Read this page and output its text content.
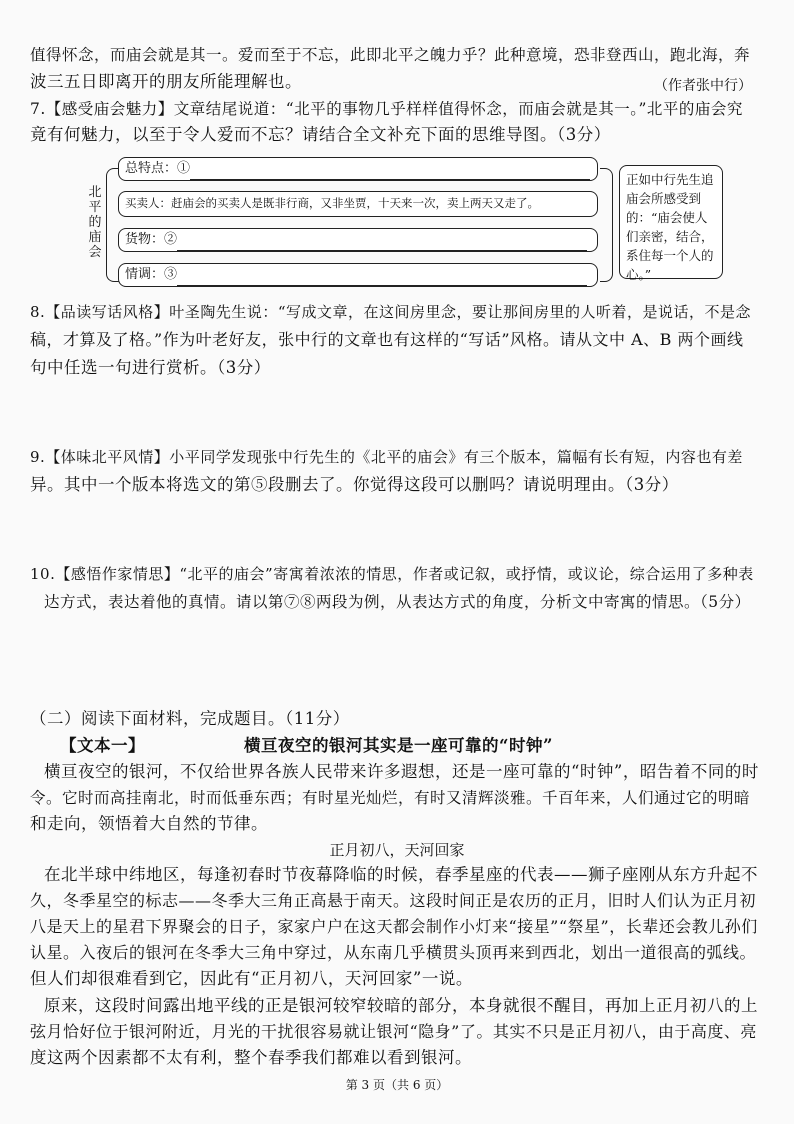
值得怀念，而庙会就是其一。爱而至于不忘，此即北平之魄力乎？此种意境，恐非登西山，跑北海，奔
波三五日即离开的朋友所能理解也。	（作者张中行）
7.【感受庙会魅力】文章结尾说道：“北平的事物几乎样样值得怀念，而庙会就是其一。”北平的庙会究
竟有何魅力，以至于令人爱而不忘？请结合全文补充下面的思维导图。（3分）
北平的庙会
总特点：①
买卖人：赶庙会的买卖人是既非行商，又非坐贾，十天来一次，卖上两天又走了。
货物：②
情调：③
正如中行先生追庙会所感受到的：“庙会使人们亲密，结合，系住每一个人的心。”
8.【品读写话风格】叶圣陶先生说：“写成文章，在这间房里念，要让那间房里的人听着，是说话，不是念
稿，才算及了格。”作为叶老好友，张中行的文章也有这样的“写话”风格。请从文中 A、B 两个画线
句中任选一句进行赏析。（3分）
9.【体味北平风情】小平同学发现张中行先生的《北平的庙会》有三个版本，篇幅有长有短，内容也有差
异。其中一个版本将选文的第⑤段删去了。你觉得这段可以删吗？请说明理由。（3分）
10.【感悟作家情思】“北平的庙会”寄寓着浓浓的情思，作者或记叙，或抒情，或议论，综合运用了多种表
达方式，表达着他的真情。请以第⑦⑧两段为例，从表达方式的角度，分析文中寄寓的情思。（5分）
（二）阅读下面材料，完成题目。（11分）
【文本一】	横亘夜空的银河其实是一座可靠的“时钟”
横亘夜空的银河，不仅给世界各族人民带来许多遐想，还是一座可靠的“时钟”，昭告着不同的时
令。它时而高挂南北，时而低垂东西；有时星光灿烂，有时又清辉淡雅。千百年来，人们通过它的明暗
和走向，领悟着大自然的节律。
正月初八，天河回家
在北半球中纬地区，每逢初春时节夜幕降临的时候，春季星座的代表——狮子座刚从东方升起不
久，冬季星空的标志——冬季大三角正高悬于南天。这段时间正是农历的正月，旧时人们认为正月初
八是天上的星君下界聚会的日子，家家户户在这天都会制作小灯来“接星”“祭星”，长辈还会教儿孙们
认星。入夜后的银河在冬季大三角中穿过，从东南几乎横贯头顶再来到西北，划出一道很高的弧线。
但人们却很难看到它，因此有“正月初八，天河回家”一说。
原来，这段时间露出地平线的正是银河较窄较暗的部分，本身就很不醒目，再加上正月初八的上
弦月恰好位于银河附近，月光的干扰很容易就让银河“隐身”了。其实不只是正月初八，由于高度、亮
度这两个因素都不太有利，整个春季我们都难以看到银河。
第 3 页（共 6 页）
